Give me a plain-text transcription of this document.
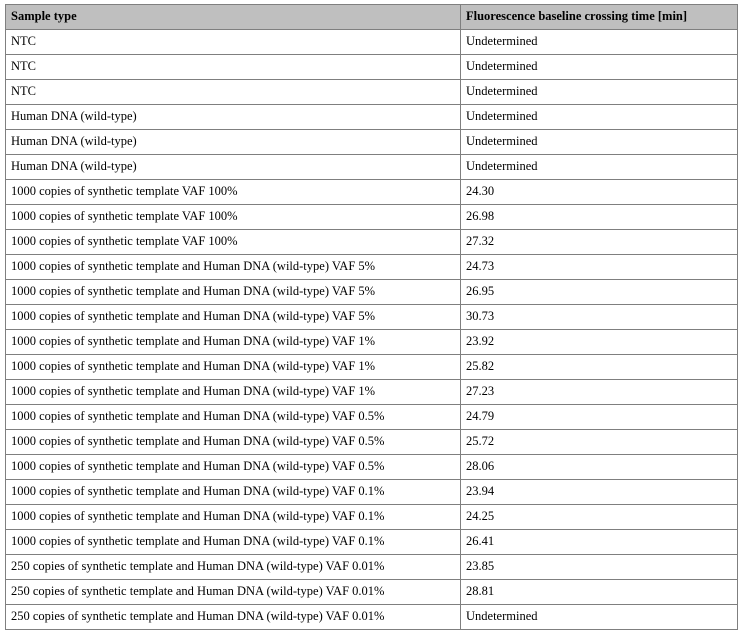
Sample type	Fluorescence baseline crossing time [min]
NTC	Undetermined
NTC	Undetermined
NTC	Undetermined
Human DNA (wild-type)	Undetermined
Human DNA (wild-type)	Undetermined
Human DNA (wild-type)	Undetermined
1000 copies of synthetic template VAF 100%	24.30
1000 copies of synthetic template VAF 100%	26.98
1000 copies of synthetic template VAF 100%	27.32
1000 copies of synthetic template and Human DNA (wild-type) VAF 5%	24.73
1000 copies of synthetic template and Human DNA (wild-type) VAF 5%	26.95
1000 copies of synthetic template and Human DNA (wild-type) VAF 5%	30.73
1000 copies of synthetic template and Human DNA (wild-type) VAF 1%	23.92
1000 copies of synthetic template and Human DNA (wild-type) VAF 1%	25.82
1000 copies of synthetic template and Human DNA (wild-type) VAF 1%	27.23
1000 copies of synthetic template and Human DNA (wild-type) VAF 0.5%	24.79
1000 copies of synthetic template and Human DNA (wild-type) VAF 0.5%	25.72
1000 copies of synthetic template and Human DNA (wild-type) VAF 0.5%	28.06
1000 copies of synthetic template and Human DNA (wild-type) VAF 0.1%	23.94
1000 copies of synthetic template and Human DNA (wild-type) VAF 0.1%	24.25
1000 copies of synthetic template and Human DNA (wild-type) VAF 0.1%	26.41
250 copies of synthetic template and Human DNA (wild-type) VAF 0.01%	23.85
250 copies of synthetic template and Human DNA (wild-type) VAF 0.01%	28.81
250 copies of synthetic template and Human DNA (wild-type) VAF 0.01%	Undetermined
